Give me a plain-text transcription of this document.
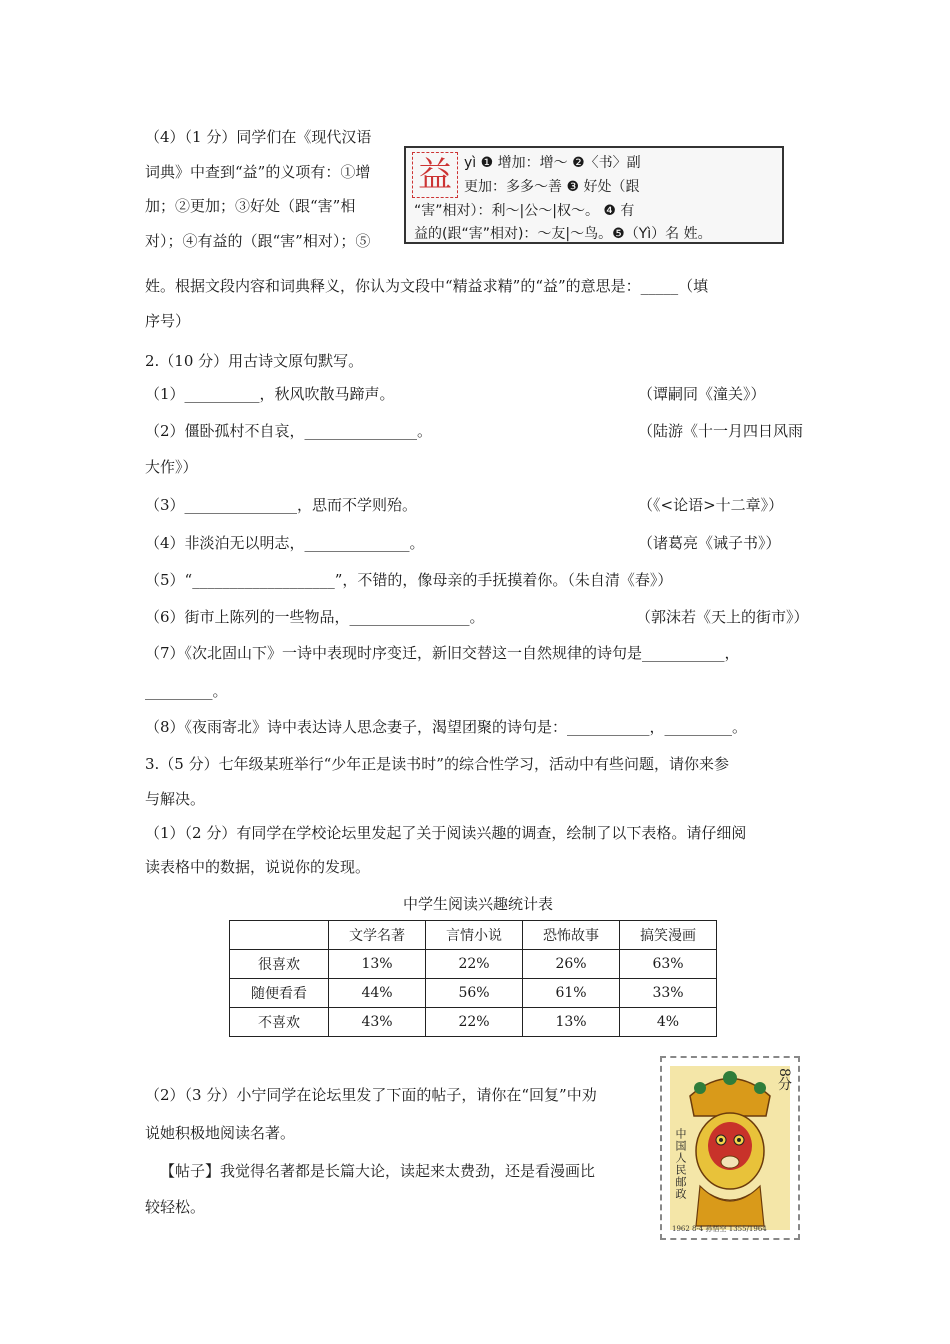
（4）（1 分）同学们在《现代汉语
词典》中查到“益”的义项有：①增
加；②更加；③好处（跟“害”相
对）；④有益的（跟“害”相对）；⑤
姓。根据文段内容和词典释义，你认为文段中“精益求精”的“益”的意思是：_____（填
序号）
益 yì ❶ 增加：增～ ❷〈书〉副
更加：多多～善 ❸ 好处（跟
“害”相对）：利～|公～|权～。 ❹ 有
益的(跟“害”相对)：～友|～鸟。❺（Yì）名 姓。
2.（10 分）用古诗文原句默写。
（1）__________，秋风吹散马蹄声。	（谭嗣同《潼关》）
（2）僵卧孤村不自哀，_______________。	（陆游《十一月四日风雨
大作》）
（3）_______________，思而不学则殆。	（《<论语>十二章》）
（4）非淡泊无以明志，______________。	（诸葛亮《诫子书》）
（5）“___________________”，不错的，像母亲的手抚摸着你。（朱自清《春》）
（6）街市上陈列的一些物品，________________。	（郭沫若《天上的街市》）
（7）《次北固山下》一诗中表现时序变迁，新旧交替这一自然规律的诗句是___________，
_________。
（8）《夜雨寄北》诗中表达诗人思念妻子，渴望团聚的诗句是：___________，_________。
3.（5 分）七年级某班举行“少年正是读书时”的综合性学习，活动中有些问题，请你来参
与解决。
（1）（2 分）有同学在学校论坛里发起了关于阅读兴趣的调查，绘制了以下表格。请仔细阅
读表格中的数据，说说你的发现。
中学生阅读兴趣统计表
	文学名著	言情小说	恐怖故事	搞笑漫画
很喜欢	13%	22%	26%	63%
随便看看	44%	56%	61%	33%
不喜欢	43%	22%	13%	4%
（2）（3 分）小宁同学在论坛里发了下面的帖子，请你在“回复”中劝
说她积极地阅读名著。
【帖子】我觉得名著都是长篇大论，读起来太费劲，还是看漫画比
较轻松。
8分
中国人民邮政
1962 8-4 孙悟空 1355/1964
